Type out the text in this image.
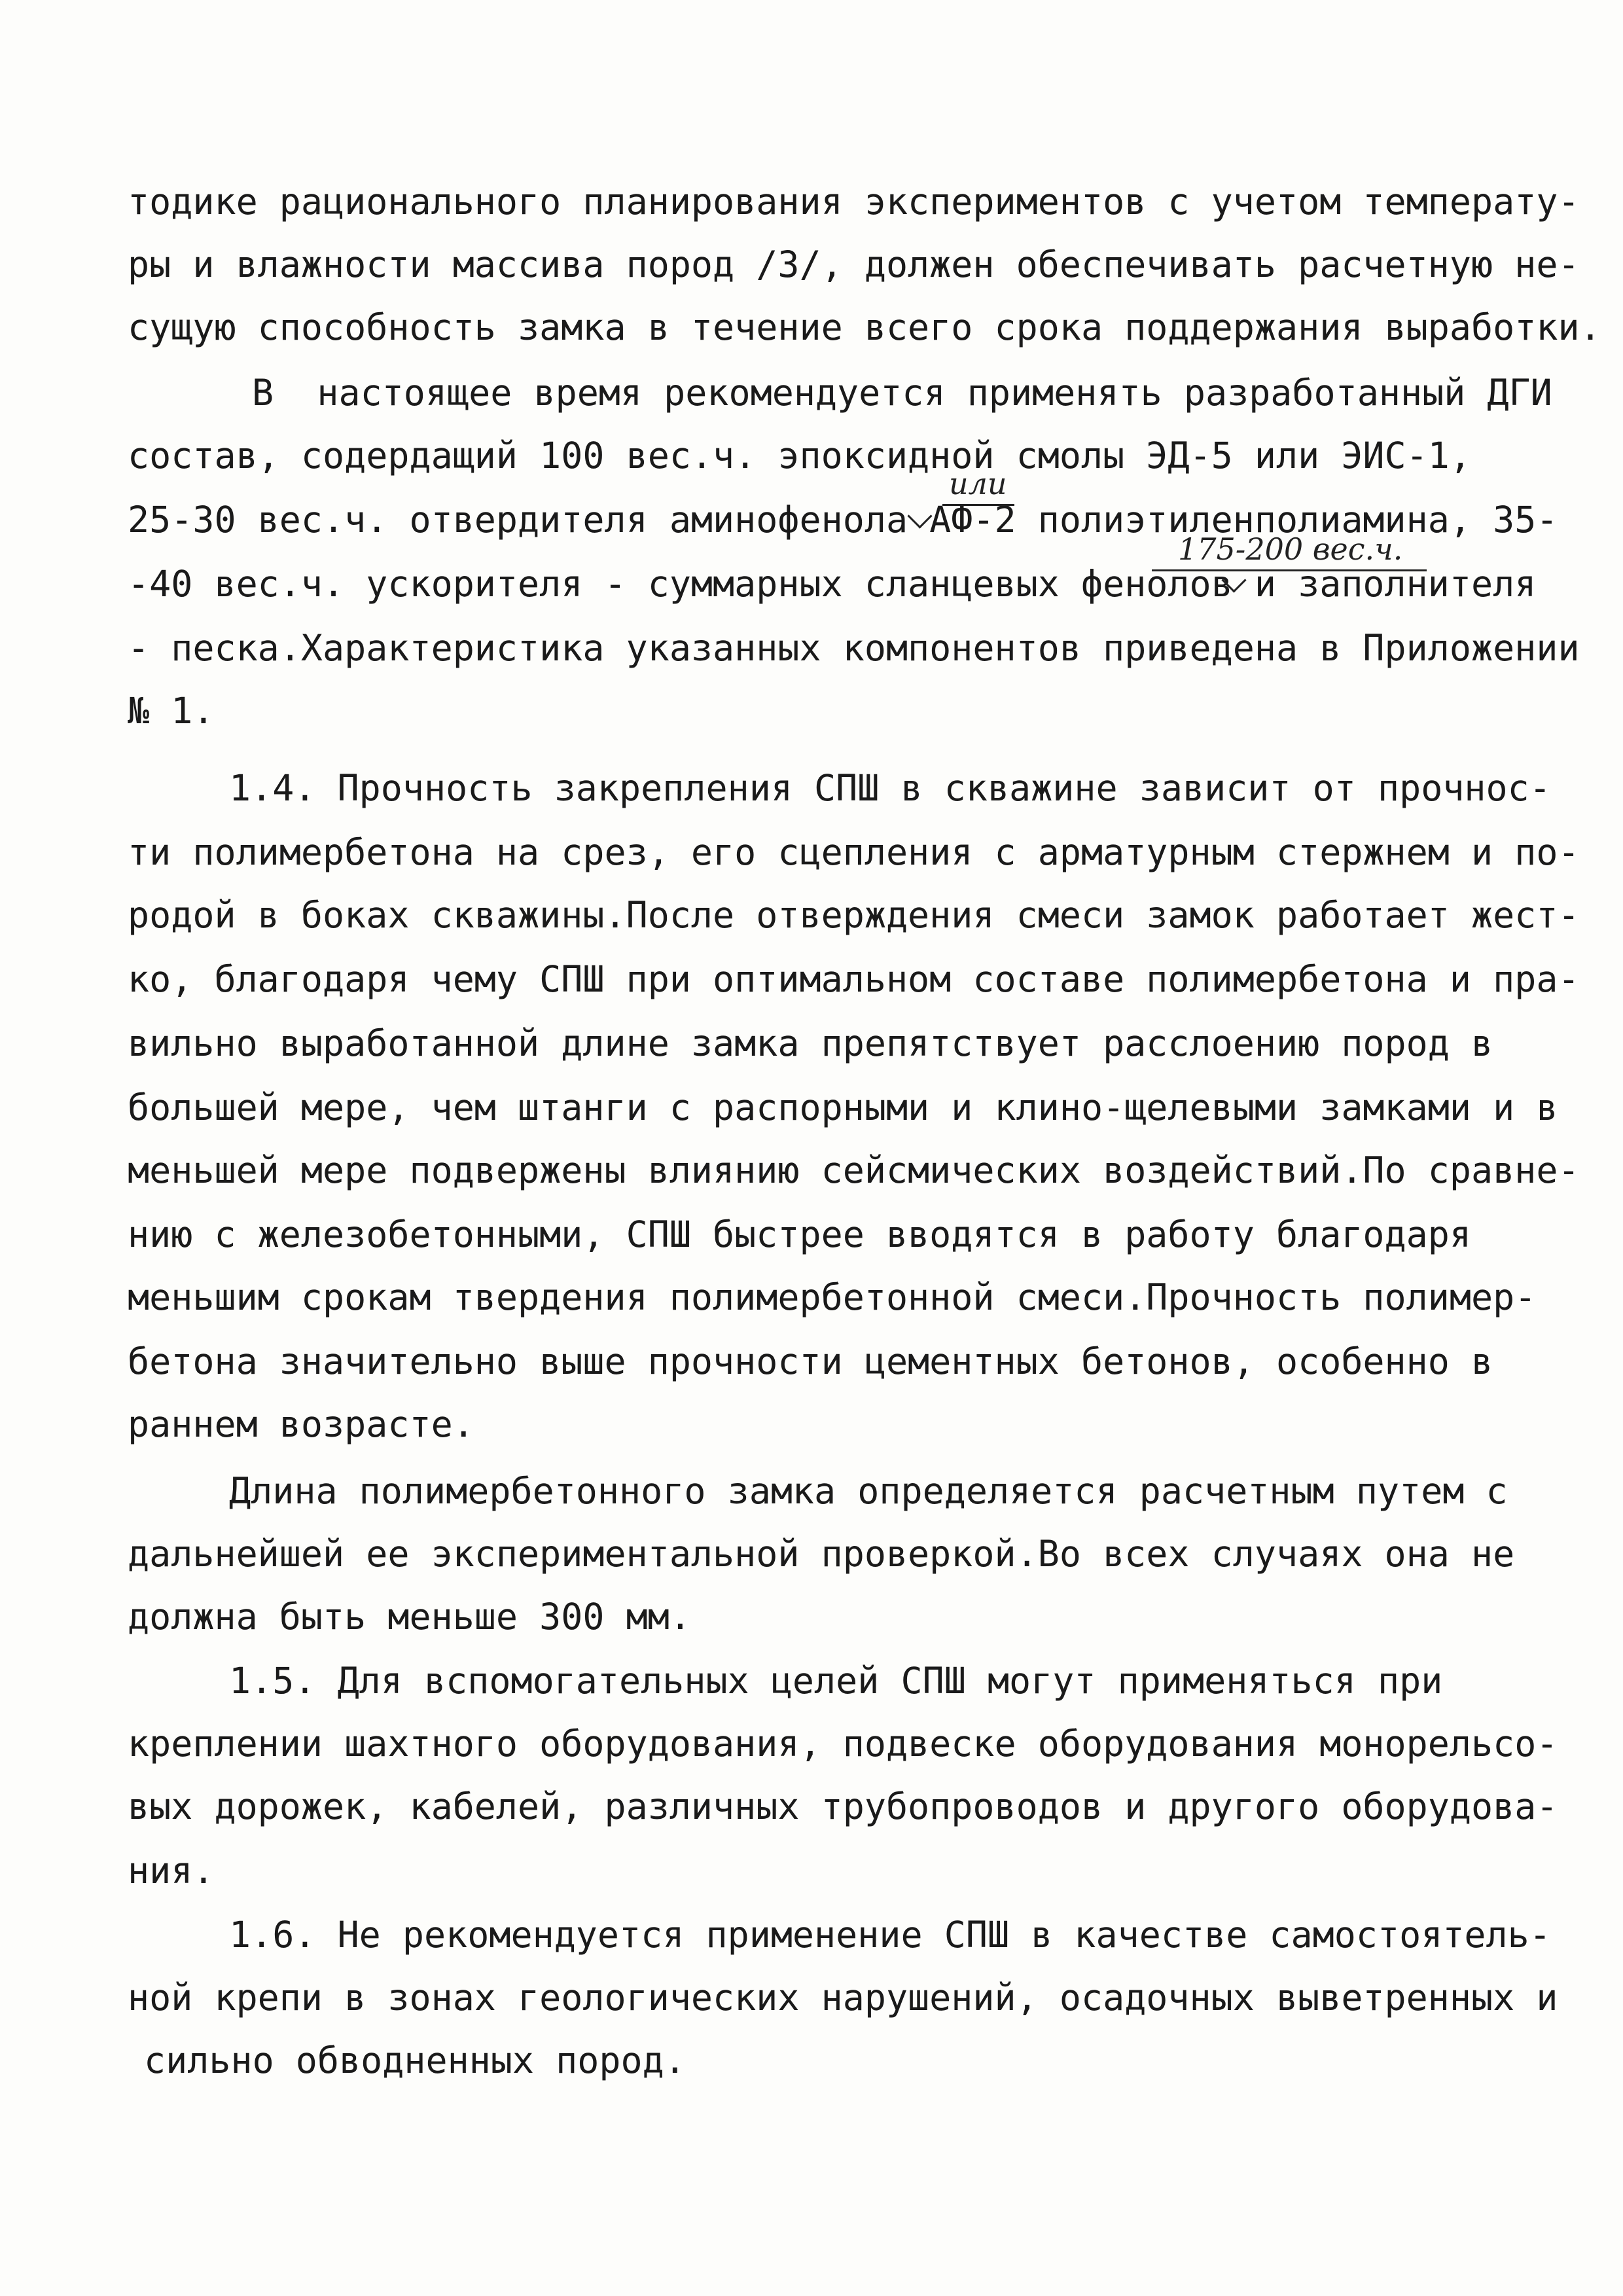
тодике рационального планирования экспериментов с учетом температу-
ры и влажности массива пород /3/, должен обеспечивать расчетную не-
сущую способность замка в течение всего срока поддержания выработки.
В  настоящее время рекомендуется применять разработанный ДГИ
состав, содердащий 100 вес.ч. эпоксидной смолы ЭД-5 или ЭИС-1,
25-30 вес.ч. отвердителя аминофенола АФ-2 полиэтиленполиамина, 35-
-40 вес.ч. ускорителя - суммарных сланцевых фенолов и заполнителя
- песка.Характеристика указанных компонентов приведена в Приложении
№ 1.
1.4. Прочность закрепления СПШ в скважине зависит от прочнос-
ти полимербетона на срез, его сцепления с арматурным стержнем и по-
родой в боках скважины.После отверждения смеси замок работает жест-
ко, благодаря чему СПШ при оптимальном составе полимербетона и пра-
вильно выработанной длине замка препятствует расслоению пород в
большей мере, чем штанги с распорными и клино-щелевыми замками и в
меньшей мере подвержены влиянию сейсмических воздействий.По сравне-
нию с железобетонными, СПШ быстрее вводятся в работу благодаря
меньшим срокам твердения полимербетонной смеси.Прочность полимер-
бетона значительно выше прочности цементных бетонов, особенно в
раннем возрасте.
Длина полимербетонного замка определяется расчетным путем с
дальнейшей ее экспериментальной проверкой.Во всех случаях она не
должна быть меньше 300 мм.
1.5. Для вспомогательных целей СПШ могут применяться при
креплении шахтного оборудования, подвеске оборудования монорельсо-
вых дорожек, кабелей, различных трубопроводов и другого оборудова-
ния.
1.6. Не рекомендуется применение СПШ в качестве самостоятель-
ной крепи в зонах геологических нарушений, осадочных выветренных и
сильно обводненных пород.
или
175-200 вес.ч.
